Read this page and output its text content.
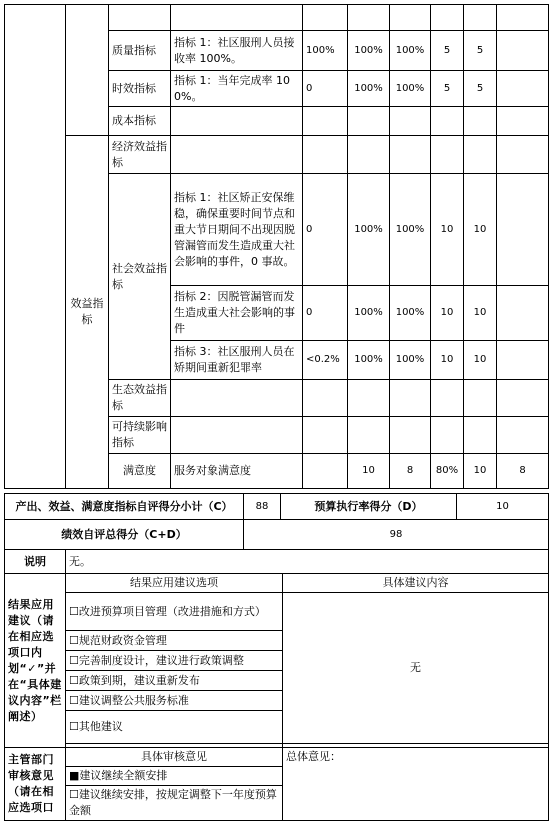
		质量指标	指标 1：社区服刑人员接收率 100%。	100%	100%	100%	5	5		
		时效指标	指标 1：当年完成率 100%。	0	100%	100%	5	5		
		成本指标								
	效益指标	经济效益指标								
		社会效益指标	指标 1：社区矫正安保维稳，确保重要时间节点和重大节日期间不出现因脱管漏管而发生造成重大社会影响的事件，0 事故。	0	100%	100%	10	10		
			指标 2：因脱管漏管而发生造成重大社会影响的事件	0	100%	100%	10	10		
			指标 3：社区服刑人员在矫期间重新犯罪率	<0.2%	100%	100%	10	10		
		生态效益指标								
		可持续影响指标								
		满意度	服务对象满意度		10	8	80%	10	8	
产出、效益、满意度指标自评得分小计（C）	88	预算执行率得分（D）	10
绩效自评总得分（C+D）	98		
说明	无。
结果应用建议（请在相应选项口内划“✓”并在“具体建议内容”栏阐述）	结果应用建议选项	具体建议内容
	☐改进预算项目管理（改进措施和方式）	无
	☐规范财政资金管理	
	☐完善制度设计，建议进行政策调整	
	☐政策到期，建议重新发布	
	☐建议调整公共服务标准	
	☐其他建议	

主管部门审核意见（请在相应选项口	具体审核意见	总体意见：
	■建议继续全额安排	
	☐建议继续安排，按规定调整下一年度预算金额	
